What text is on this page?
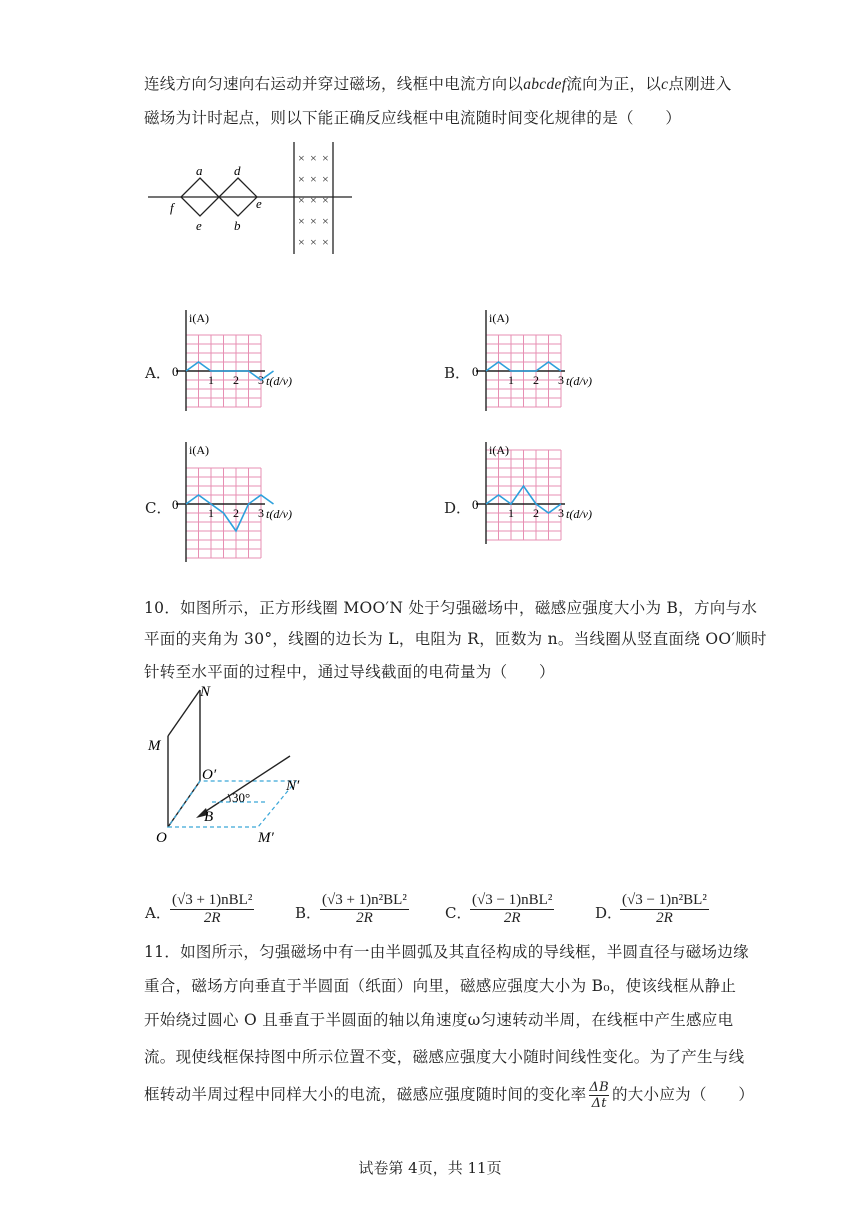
连线方向匀速向右运动并穿过磁场，线框中电流方向以abcdef流向为正，以c点刚进入
磁场为计时起点，则以下能正确反应线框中电流随时间变化规律的是（　　）
a d
f	e
e b
× × ×
× × ×
× × ×
× × ×
× × ×
A．	B．
C．	D．
i(A)
0
1 2 3 t(d/v)
i(A)
0
1 2 3 t(d/v)
i(A)
0
1 2 3 t(d/v)
i(A)
0
1 2 3 t(d/v)
10．如图所示，正方形线圈 MOO′N 处于匀强磁场中，磁感应强度大小为 B，方向与水
平面的夹角为 30°，线圈的边长为 L，电阻为 R，匝数为 n。当线圈从竖直面绕 OO′顺时
针转至水平面的过程中，通过导线截面的电荷量为（　　）
N
M
O′
N′
30°
B
O	M′
A．
(√3 + 1)nBL²
2R	B．
$\frac{\text{(√3 + 1)n²BL²}}{2R}$ C．
(√3 − 1)nBL²
2R	D．
$\frac{\text{(√3 − 1)n²BL²}}{2R}$
11．如图所示，匀强磁场中有一由半圆弧及其直径构成的导线框，半圆直径与磁场边缘
重合，磁场方向垂直于半圆面（纸面）向里，磁感应强度大小为 B₀，使该线框从静止
开始绕过圆心 O 且垂直于半圆面的轴以角速度ω匀速转动半周，在线框中产生感应电
流。现使线框保持图中所示位置不变，磁感应强度大小随时间线性变化。为了产生与线
框转动半周过程中同样大小的电流，磁感应强度随时间的变化率 $\frac{\Delta B}{\Delta t}$ 的大小应为（　　）
试卷第 4页，共 11页
